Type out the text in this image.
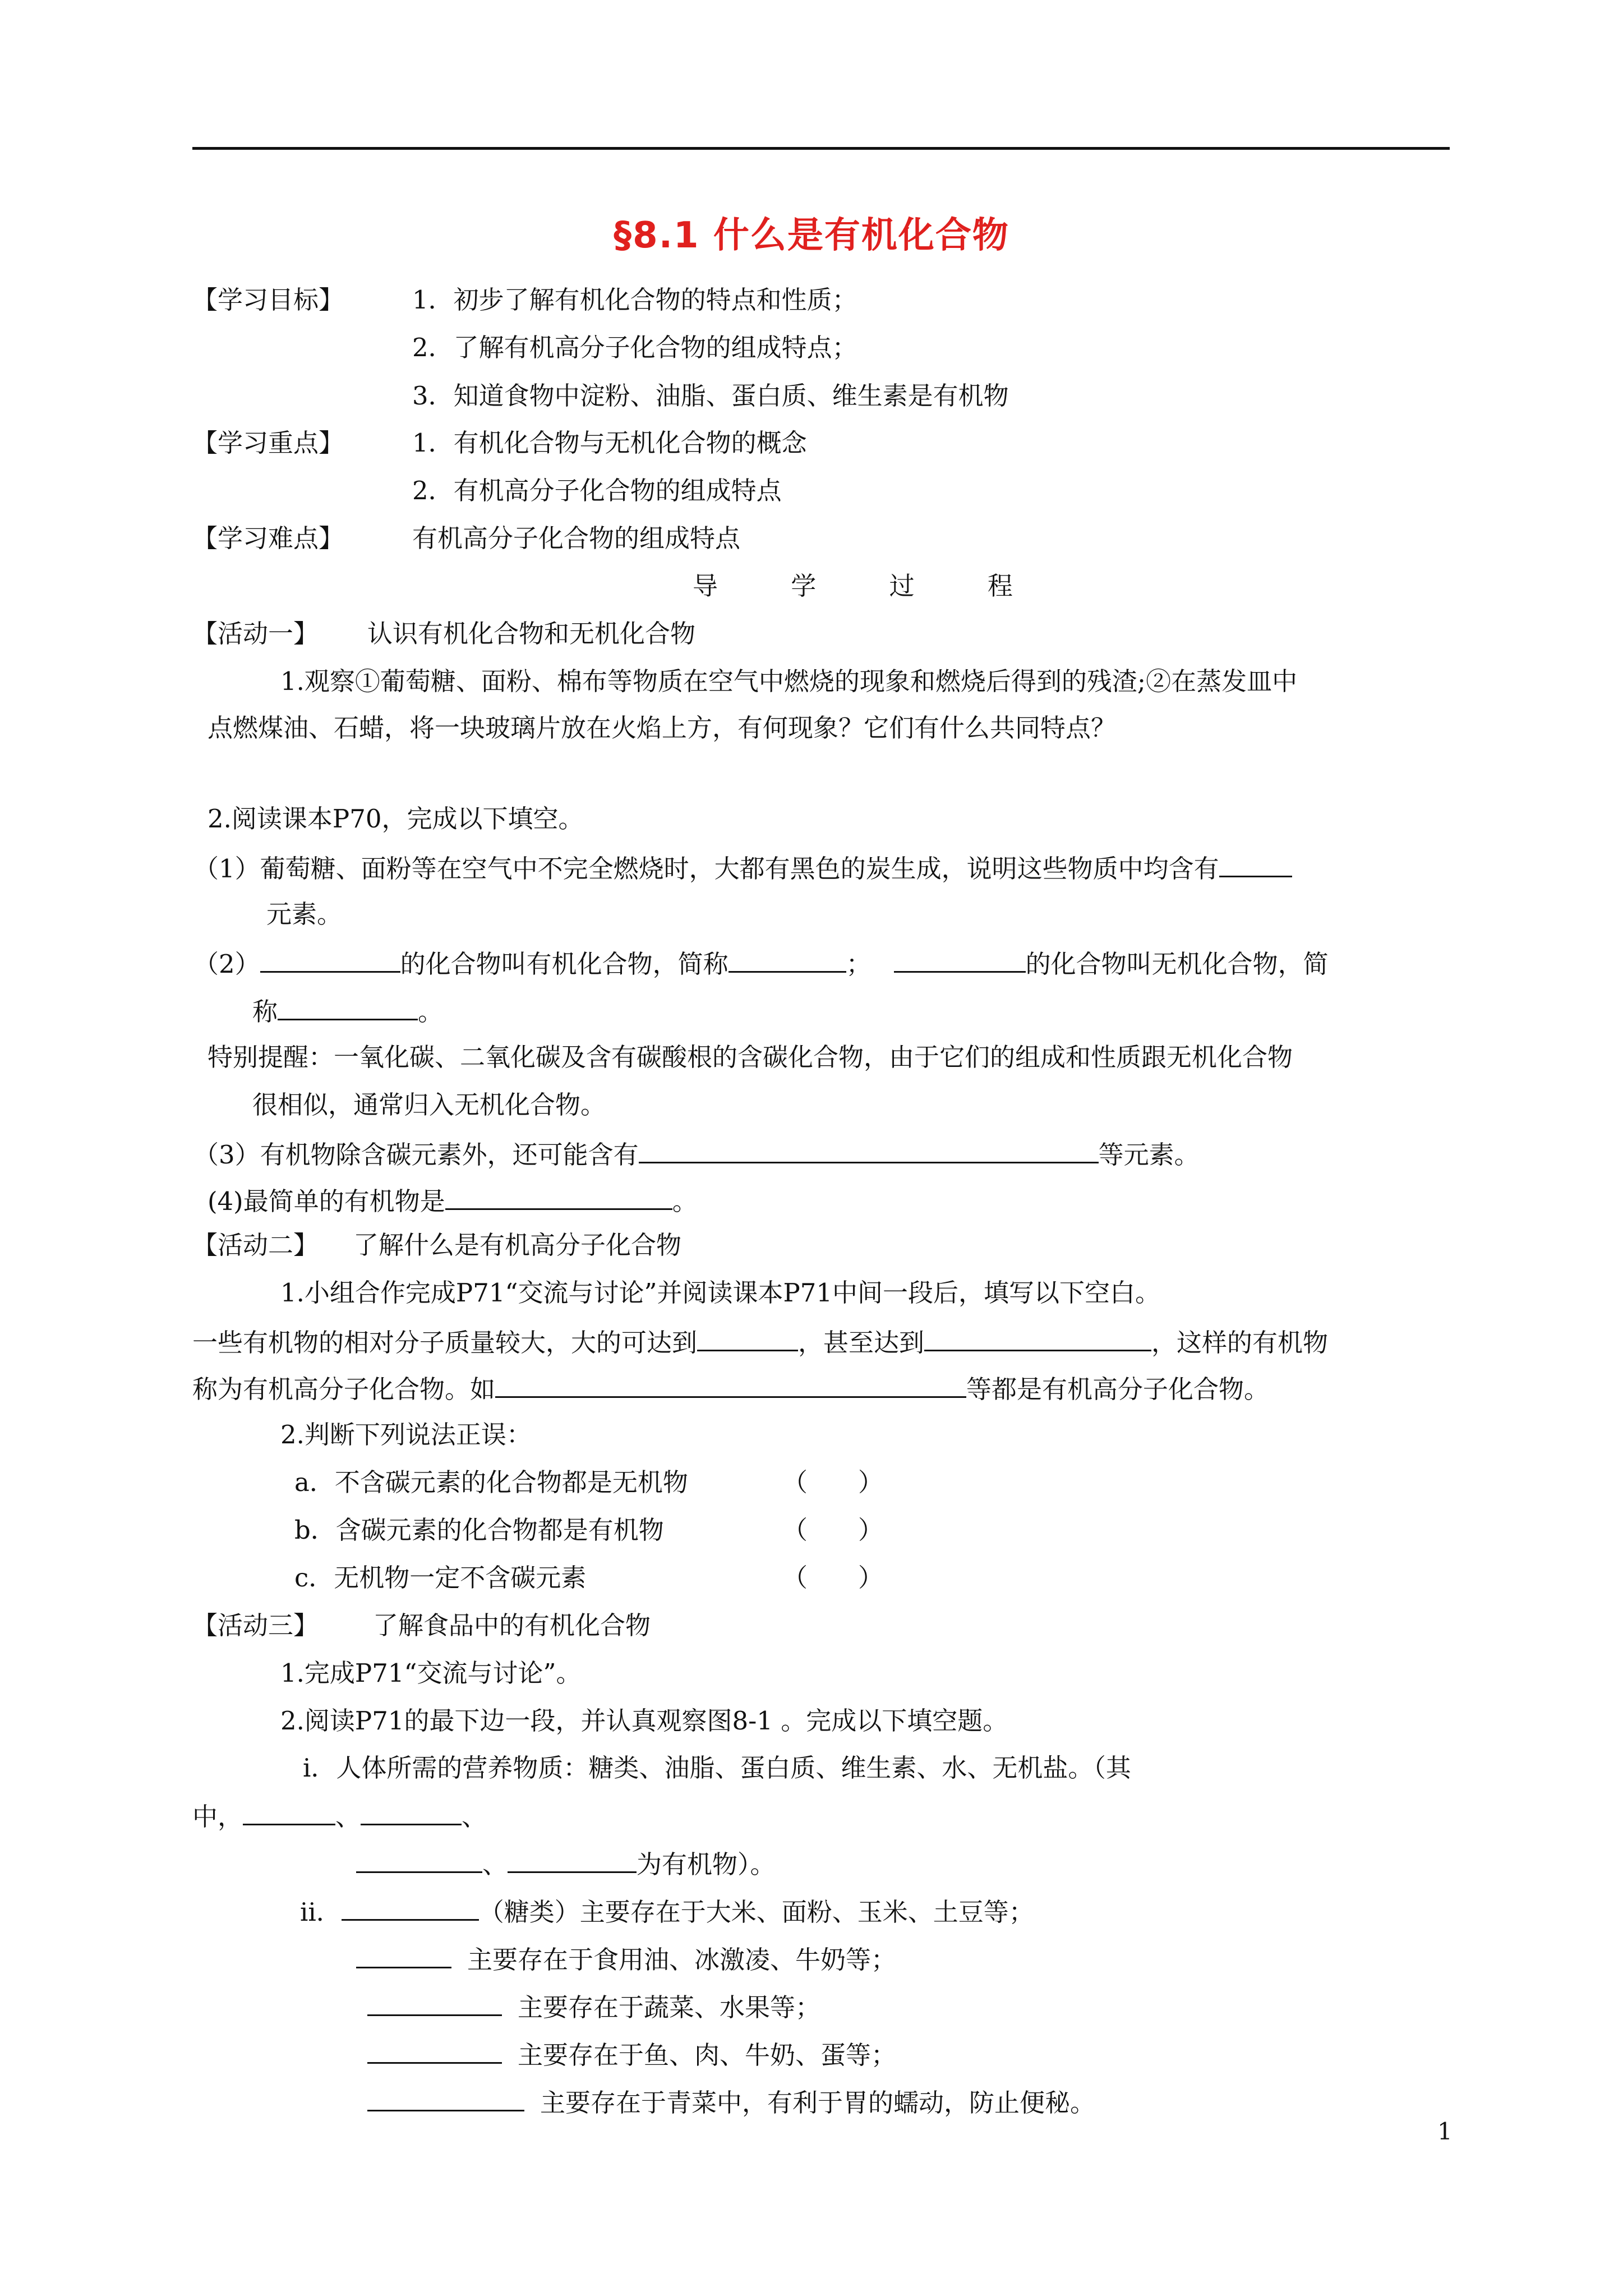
§8.1 什么是有机化合物
【学习目标】	1．初步了解有机化合物的特点和性质；
2．了解有机高分子化合物的组成特点；
3．知道食物中淀粉、油脂、蛋白质、维生素是有机物
【学习重点】	1．有机化合物与无机化合物的概念
2．有机高分子化合物的组成特点
【学习难点】	有机高分子化合物的组成特点
导 学 过 程
【活动一】 认识有机化合物和无机化合物
1.观察①葡萄糖、面粉、棉布等物质在空气中燃烧的现象和燃烧后得到的残渣;②在蒸发皿中
点燃煤油、石蜡，将一块玻璃片放在火焰上方，有何现象？它们有什么共同特点？
2.阅读课本P70，完成以下填空。
（1）葡萄糖、面粉等在空气中不完全燃烧时，大都有黑色的炭生成，说明这些物质中均含有
元素。
（2）	的化合物叫有机化合物，简称	；	的化合物叫无机化合物，简
称	。
特别提醒：一氧化碳、二氧化碳及含有碳酸根的含碳化合物，由于它们的组成和性质跟无机化合物
很相似，通常归入无机化合物。
（3）有机物除含碳元素外，还可能含有	等元素。
(4)最简单的有机物是	。
【活动二】 了解什么是有机高分子化合物
1.小组合作完成P71“交流与讨论”并阅读课本P71中间一段后，填写以下空白。
一些有机物的相对分子质量较大，大的可达到	，甚至达到	，这样的有机物
称为有机高分子化合物。如	等都是有机高分子化合物。
2.判断下列说法正误：
a．不含碳元素的化合物都是无机物	（　　）
b．含碳元素的化合物都是有机物	（　　）
c．无机物一定不含碳元素	（　　）
【活动三】 了解食品中的有机化合物
1.完成P71“交流与讨论”。
2.阅读P71的最下边一段，并认真观察图8-1 。完成以下填空题。
ⅰ．人体所需的营养物质：糖类、油脂、蛋白质、维生素、水、无机盐。（其
中，	、	、
、	为有机物）。
ⅱ．	（糖类）主要存在于大米、面粉、玉米、土豆等；
主要存在于食用油、冰激凌、牛奶等；
主要存在于蔬菜、水果等；
主要存在于鱼、肉、牛奶、蛋等；
主要存在于青菜中，有利于胃的蠕动，防止便秘。
1
